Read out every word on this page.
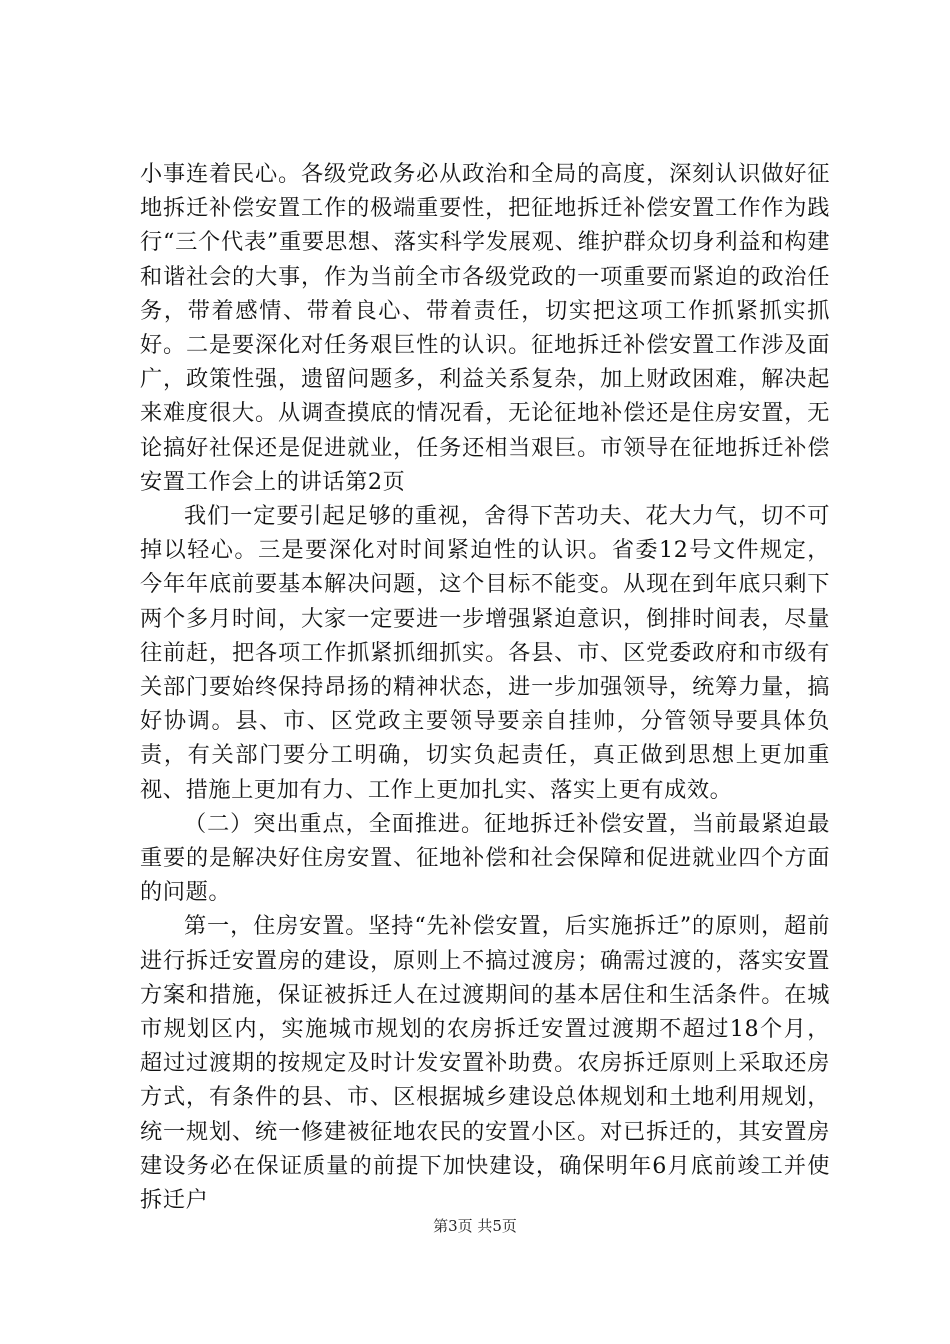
小事连着民心。各级党政务必从政治和全局的高度，深刻认识做好征地拆迁补偿安置工作的极端重要性，把征地拆迁补偿安置工作作为践行“三个代表”重要思想、落实科学发展观、维护群众切身利益和构建和谐社会的大事，作为当前全市各级党政的一项重要而紧迫的政治任务，带着感情、带着良心、带着责任，切实把这项工作抓紧抓实抓好。二是要深化对任务艰巨性的认识。征地拆迁补偿安置工作涉及面广，政策性强，遗留问题多，利益关系复杂，加上财政困难，解决起来难度很大。从调查摸底的情况看，无论征地补偿还是住房安置，无论搞好社保还是促进就业，任务还相当艰巨。市领导在征地拆迁补偿安置工作会上的讲话第2页

我们一定要引起足够的重视，舍得下苦功夫、花大力气，切不可掉以轻心。三是要深化对时间紧迫性的认识。省委12号文件规定，今年年底前要基本解决问题，这个目标不能变。从现在到年底只剩下两个多月时间，大家一定要进一步增强紧迫意识，倒排时间表，尽量往前赶，把各项工作抓紧抓细抓实。各县、市、区党委政府和市级有关部门要始终保持昂扬的精神状态，进一步加强领导，统筹力量，搞好协调。县、市、区党政主要领导要亲自挂帅，分管领导要具体负责，有关部门要分工明确，切实负起责任，真正做到思想上更加重视、措施上更加有力、工作上更加扎实、落实上更有成效。

（二）突出重点，全面推进。征地拆迁补偿安置，当前最紧迫最重要的是解决好住房安置、征地补偿和社会保障和促进就业四个方面的问题。

第一，住房安置。坚持“先补偿安置，后实施拆迁”的原则，超前进行拆迁安置房的建设，原则上不搞过渡房；确需过渡的，落实安置方案和措施，保证被拆迁人在过渡期间的基本居住和生活条件。在城市规划区内，实施城市规划的农房拆迁安置过渡期不超过18个月，超过过渡期的按规定及时计发安置补助费。农房拆迁原则上采取还房方式，有条件的县、市、区根据城乡建设总体规划和土地利用规划，统一规划、统一修建被征地农民的安置小区。对已拆迁的，其安置房建设务必在保证质量的前提下加快建设，确保明年6月底前竣工并使拆迁户

第3页 共5页
